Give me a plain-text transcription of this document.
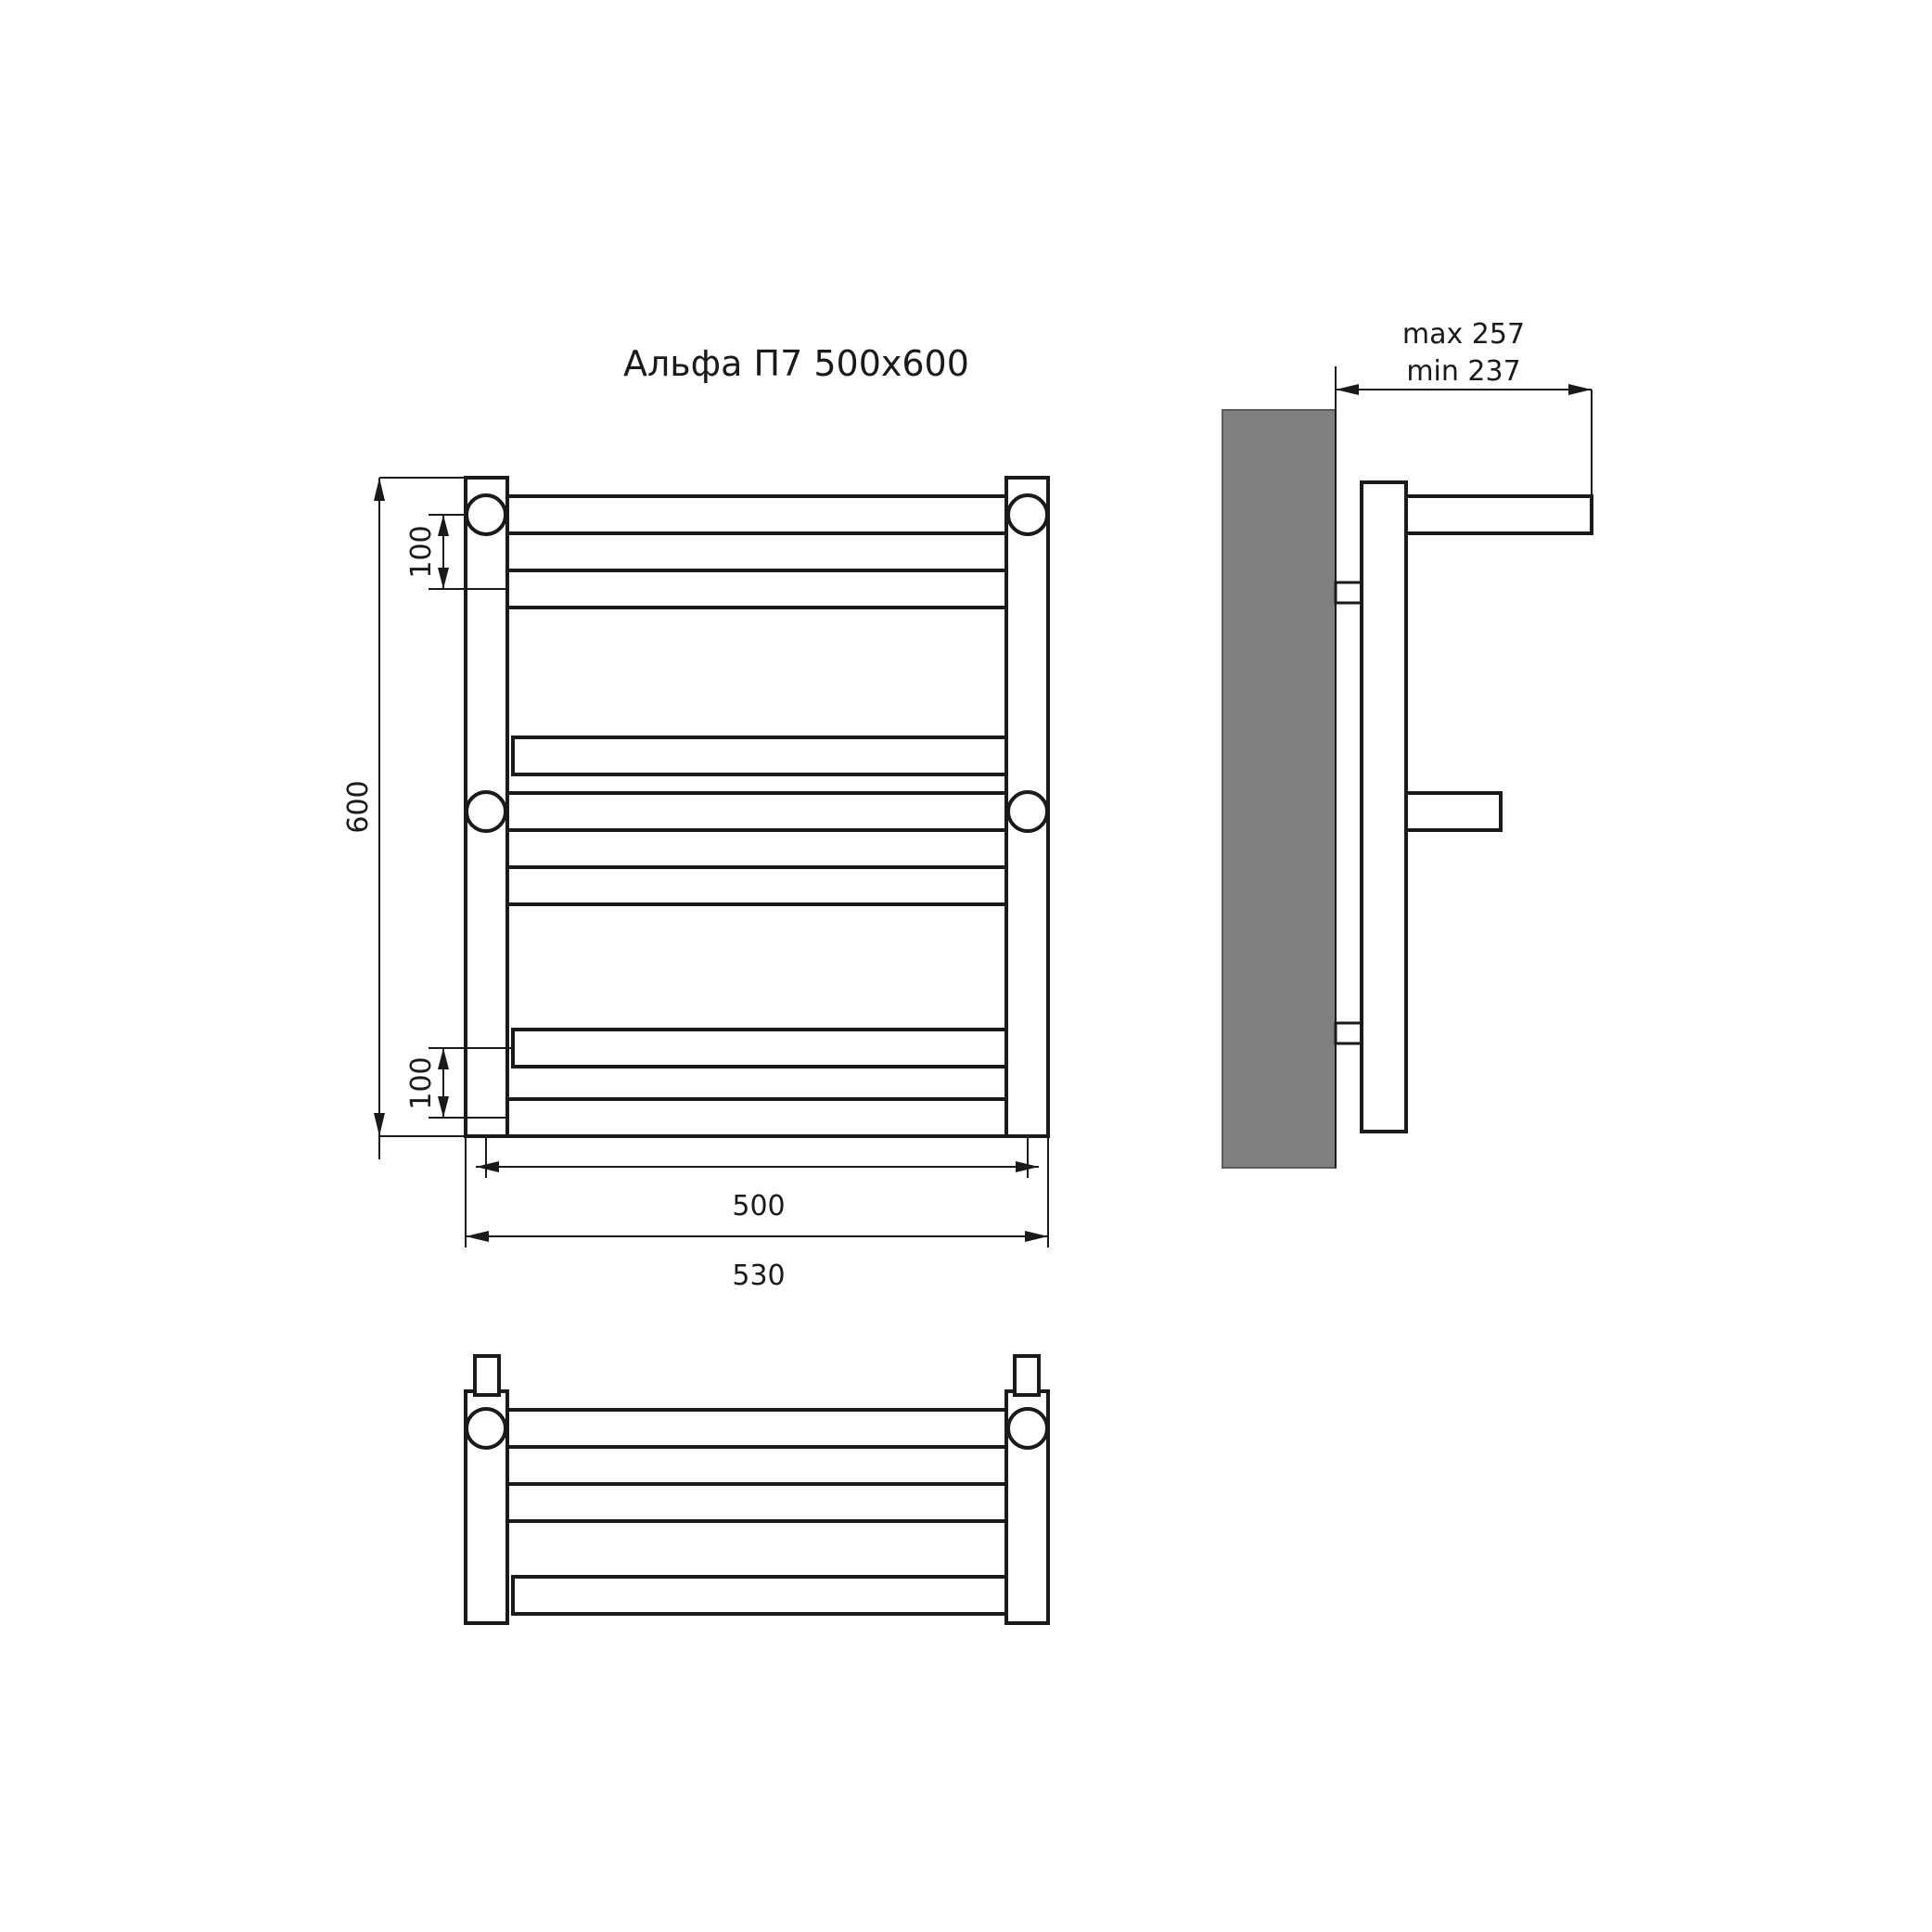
Альфа П7 500x600
600
100
100
500
530
max 257
min 237
